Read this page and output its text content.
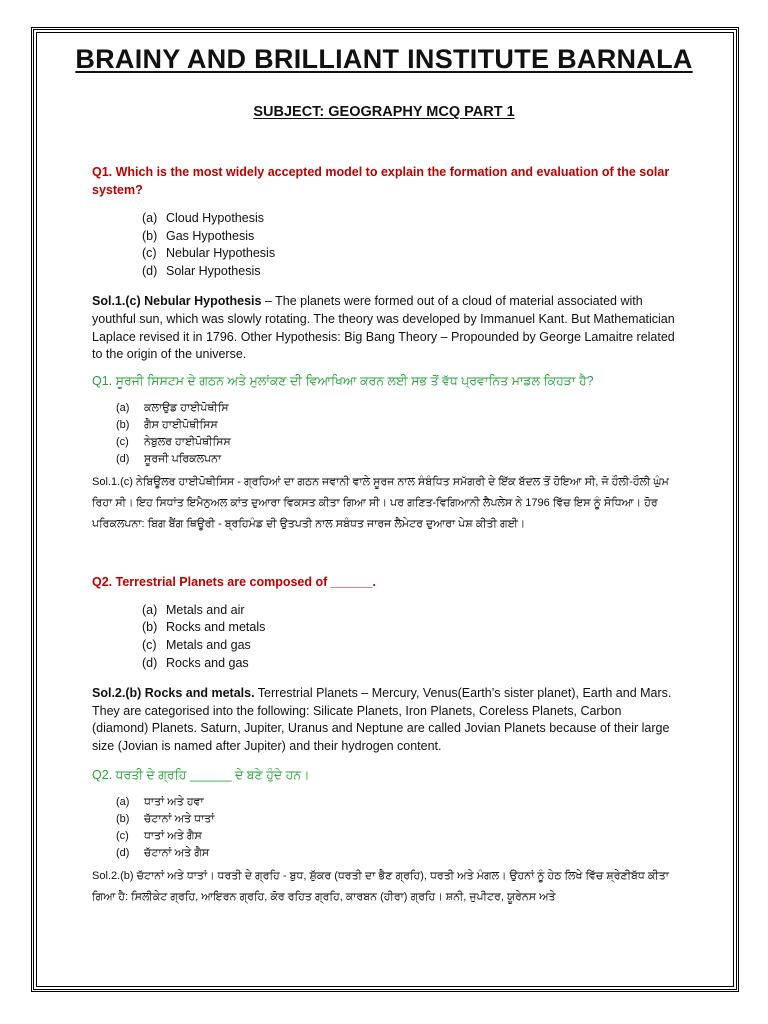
BRAINY AND BRILLIANT INSTITUTE BARNALA
SUBJECT: GEOGRAPHY MCQ PART 1

Q1. Which is the most widely accepted model to explain the formation and evaluation of the solar system?

(a) Cloud Hypothesis
(b) Gas Hypothesis
(c) Nebular Hypothesis
(d) Solar Hypothesis

Sol.1.(c) Nebular Hypothesis – The planets were formed out of a cloud of material associated with youthful sun, which was slowly rotating. The theory was developed by Immanuel Kant. But Mathematician Laplace revised it in 1796. Other Hypothesis: Big Bang Theory – Propounded by George Lamaitre related to the origin of the universe.

Q1. ਸੂਰਜੀ ਸਿਸਟਮ ਦੇ ਗਠਨ ਅਤੇ ਮੁਲਾਂਕਣ ਦੀ ਵਿਆਖਿਆ ਕਰਨ ਲਈ ਸਭ ਤੋਂ ਵੱਧ ਪ੍ਰਵਾਨਿਤ ਮਾਡਲ ਕਿਹੜਾ ਹੈ?

(a)	ਕਲਾਉਡ ਹਾਈਪੋਥੀਸਿ
(b)	ਗੈਸ ਹਾਈਪੋਥੀਸਿਸ
(c)	ਨੇਬੁਲਰ ਹਾਈਪੋਥੀਸਿਸ
(d)	ਸੂਰਜੀ ਪਰਿਕਲਪਨਾ

Sol.1.(c) ਨੇਬਿਊਲਰ ਹਾਈਪੋਥੀਸਿਸ - ਗ੍ਰਹਿਆਂ ਦਾ ਗਠਨ ਜਵਾਨੀ ਵਾਲੇ ਸੂਰਜ ਨਾਲ ਸੰਬੰਧਿਤ ਸਮੱਗਰੀ ਦੇ ਇੱਕ ਬੱਦਲ ਤੋਂ ਹੋਇਆ ਸੀ, ਜੋ ਹੌਲੀ-ਹੌਲੀ ਘੁੰਮ ਰਿਹਾ ਸੀ। ਇਹ ਸਿਧਾਂਤ ਇਮੈਨੁਅਲ ਕਾਂਤ ਦੁਆਰਾ ਵਿਕਸਤ ਕੀਤਾ ਗਿਆ ਸੀ। ਪਰ ਗਣਿਤ-ਵਿਗਿਆਨੀ ਲੈਪਲੇਸ ਨੇ 1796 ਵਿੱਚ ਇਸ ਨੂੰ ਸੋਧਿਆ। ਹੋਰ ਪਰਿਕਲਪਨਾ: ਬਿਗ ਬੈਂਗ ਥਿਊਰੀ - ਬ੍ਰਹਿਮੰਡ ਦੀ ਉਤਪਤੀ ਨਾਲ ਸਬੰਧਤ ਜਾਰਜ ਲੈਮੇਟਰ ਦੁਆਰਾ ਪੇਸ਼ ਕੀਤੀ ਗਈ।

Q2. Terrestrial Planets are composed of ______.

(a) Metals and air
(b) Rocks and metals
(c) Metals and gas
(d) Rocks and gas

Sol.2.(b) Rocks and metals. Terrestrial Planets – Mercury, Venus(Earth’s sister planet), Earth and Mars. They are categorised into the following: Silicate Planets, Iron Planets, Coreless Planets, Carbon (diamond) Planets. Saturn, Jupiter, Uranus and Neptune are called Jovian Planets because of their large size (Jovian is named after Jupiter) and their hydrogen content.

Q2. ਧਰਤੀ ਦੇ ਗ੍ਰਹਿ ______ ਦੇ ਬਣੇ ਹੁੰਦੇ ਹਨ।

(a)	ਧਾਤਾਂ ਅਤੇ ਹਵਾ
(b)	ਚੱਟਾਨਾਂ ਅਤੇ ਧਾਤਾਂ
(c)	ਧਾਤਾਂ ਅਤੇ ਗੈਸ
(d)	ਚੱਟਾਨਾਂ ਅਤੇ ਗੈਸ

Sol.2.(b) ਚੱਟਾਨਾਂ ਅਤੇ ਧਾਤਾਂ। ਧਰਤੀ ਦੇ ਗ੍ਰਹਿ - ਬੁਧ, ਸ਼ੁੱਕਰ (ਧਰਤੀ ਦਾ ਭੈਣ ਗ੍ਰਹਿ), ਧਰਤੀ ਅਤੇ ਮੰਗਲ। ਉਹਨਾਂ ਨੂੰ ਹੇਠ ਲਿਖੇ ਵਿੱਚ ਸ਼੍ਰੇਣੀਬੱਧ ਕੀਤਾ ਗਿਆ ਹੈ: ਸਿਲੀਕੇਟ ਗ੍ਰਹਿ, ਆਇਰਨ ਗ੍ਰਹਿ, ਕੋਰ ਰਹਿਤ ਗ੍ਰਹਿ, ਕਾਰਬਨ (ਹੀਰਾ) ਗ੍ਰਹਿ। ਸ਼ਨੀ, ਜੁਪੀਟਰ, ਯੂਰੇਨਸ ਅਤੇ
